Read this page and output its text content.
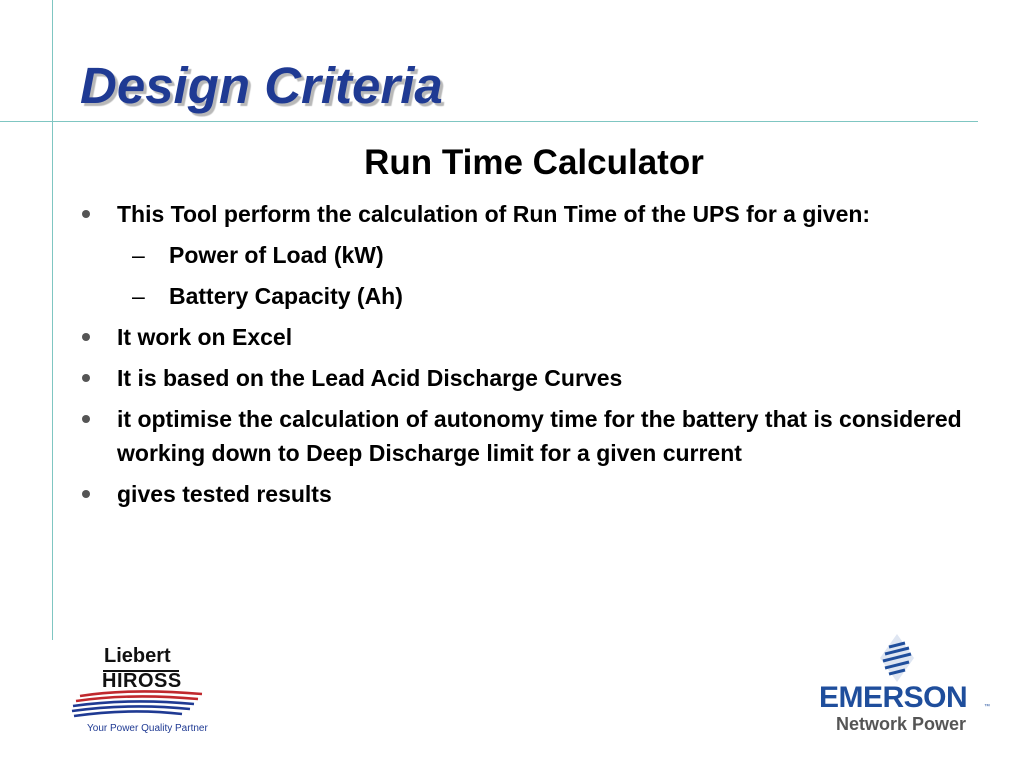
Design Criteria
Run Time Calculator
This Tool perform the calculation of Run Time of the UPS for a given:
– Power of Load (kW)
– Battery Capacity (Ah)
It work on Excel
It is based on the Lead Acid Discharge Curves
it optimise the calculation of autonomy time for the battery that is considered working down to Deep Discharge limit for a given current
gives tested results
Liebert
HIROSS
Your Power Quality Partner
EMERSON	™
Network Power
